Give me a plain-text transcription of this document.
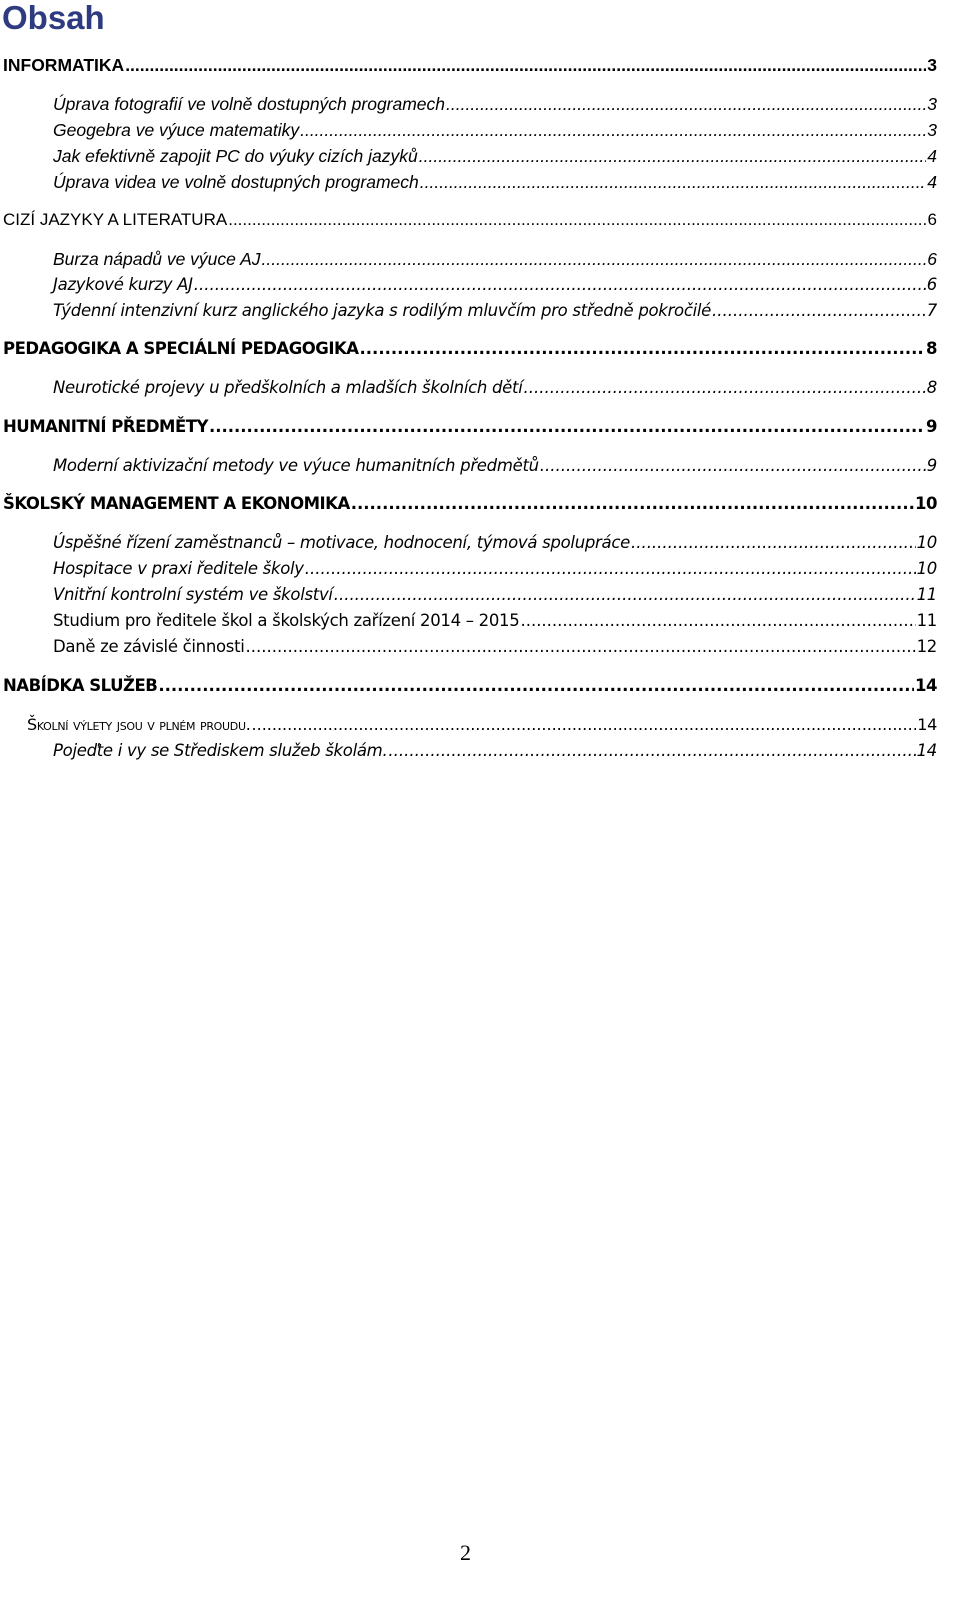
Obsah
INFORMATIKA .....	3
Úprava fotografií ve volně dostupných programech .....	3
Geogebra ve výuce matematiky .....	3
Jak efektivně zapojit PC do výuky cizích jazyků .....	4
Úprava videa ve volně dostupných programech .....	4
CIZÍ JAZYKY A LITERATURA .....	6
Burza nápadů ve výuce AJ .....	6
Jazykové kurzy AJ .....	6
Týdenní intenzivní kurz anglického jazyka s rodilým mluvčím pro středně pokročilé .....	7
PEDAGOGIKA A SPECIÁLNÍ PEDAGOGIKA .....	8
Neurotické projevy u předškolních a mladších školních dětí .....	8
HUMANITNÍ PŘEDMĚTY .....	9
Moderní aktivizační metody ve výuce humanitních předmětů .....	9
ŠKOLSKÝ MANAGEMENT A EKONOMIKA .....	10
Úspěšné řízení zaměstnanců – motivace, hodnocení, týmová spolupráce .....	10
Hospitace v praxi ředitele školy .....	10
Vnitřní kontrolní systém ve školství .....	11
Studium pro ředitele škol a školských zařízení 2014 – 2015 .....	11
Daně ze závislé činnosti .....	12
NABÍDKA SLUŽEB .....	14
Školní výlety jsou v plném proudu. .....	14
Pojeďte i vy se Střediskem služeb školám. .....	14
2
